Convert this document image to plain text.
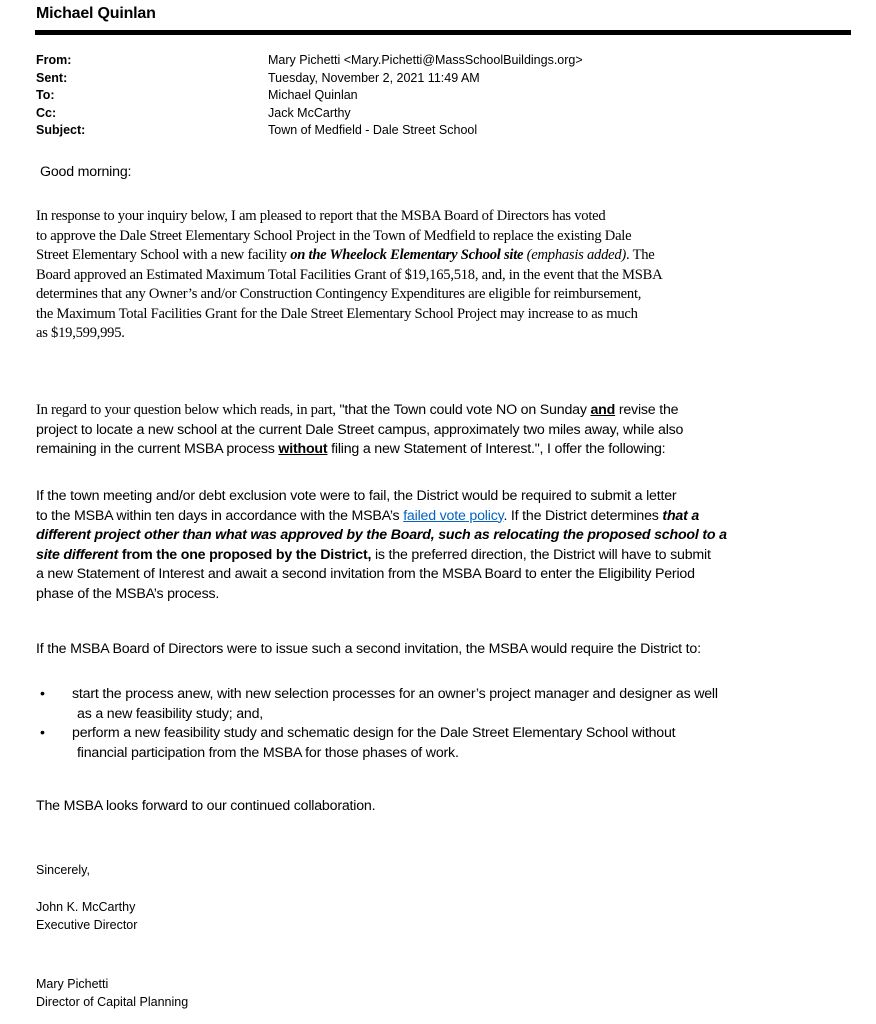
Michael Quinlan
From:	Mary Pichetti <Mary.Pichetti@MassSchoolBuildings.org>
Sent:	Tuesday, November 2, 2021 11:49 AM
To:	Michael Quinlan
Cc:	Jack McCarthy
Subject:	Town of Medfield - Dale Street School

Good morning:

In response to your inquiry below, I am pleased to report that the MSBA Board of Directors has voted

to approve the Dale Street Elementary School Project in the Town of Medfield to replace the existing Dale

Street Elementary School with a new facility on the Wheelock Elementary School site (emphasis added). The

Board approved an Estimated Maximum Total Facilities Grant of $19,165,518, and, in the event that the MSBA

determines that any Owner’s and/or Construction Contingency Expenditures are eligible for reimbursement,

the Maximum Total Facilities Grant for the Dale Street Elementary School Project may increase to as much

as $19,599,995.

In regard to your question below which reads, in part, "that the Town could vote NO on Sunday and revise the

project to locate a new school at the current Dale Street campus, approximately two miles away, while also

remaining in the current MSBA process without filing a new Statement of Interest.", I offer the following:

If the town meeting and/or debt exclusion vote were to fail, the District would be required to submit a letter

to the MSBA within ten days in accordance with the MSBA’s failed vote policy. If the District determines that a

different project other than what was approved by the Board, such as relocating the proposed school to a

site different from the one proposed by the District, is the preferred direction, the District will have to submit

a new Statement of Interest and await a second invitation from the MSBA Board to enter the Eligibility Period

phase of the MSBA’s process.

If the MSBA Board of Directors were to issue such a second invitation, the MSBA would require the District to:

•	start the process anew, with new selection processes for an owner’s project manager and designer as well
as a new feasibility study; and,
•	perform a new feasibility study and schematic design for the Dale Street Elementary School without
financial participation from the MSBA for those phases of work.

The MSBA looks forward to our continued collaboration.

Sincerely,
John K. McCarthy
Executive Director
Mary Pichetti
Director of Capital Planning
